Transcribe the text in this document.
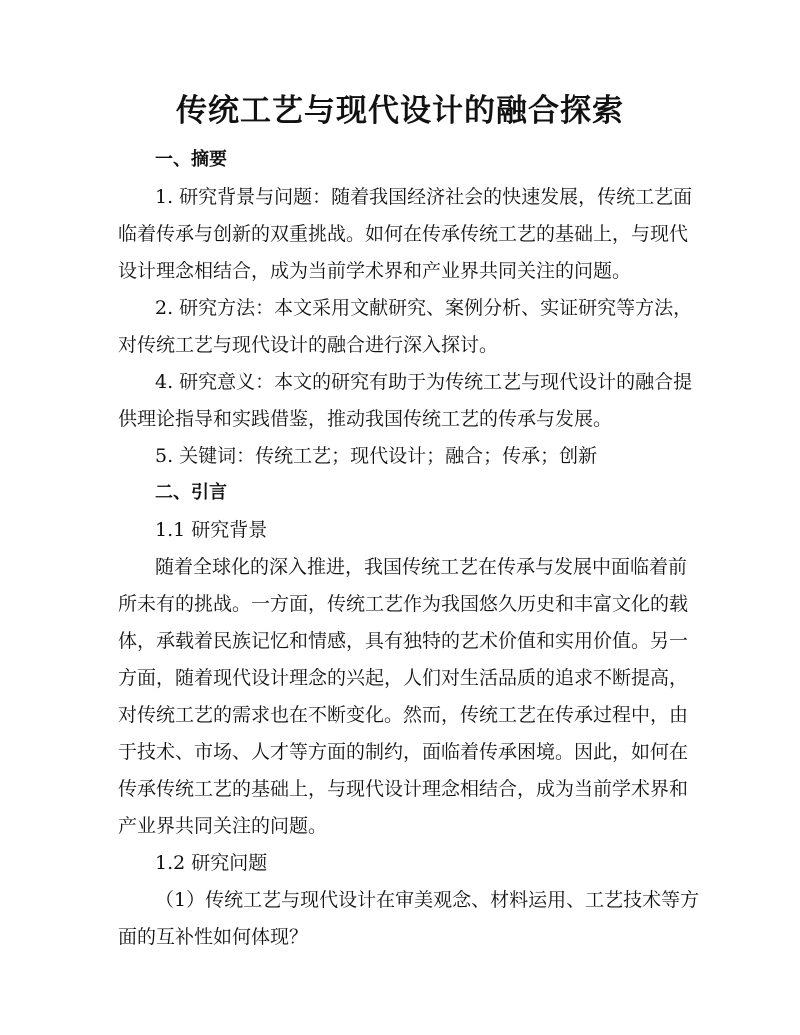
传统工艺与现代设计的融合探索

一、摘要

1. 研究背景与问题：随着我国经济社会的快速发展，传统工艺面

临着传承与创新的双重挑战。如何在传承传统工艺的基础上，与现代

设计理念相结合，成为当前学术界和产业界共同关注的问题。

2. 研究方法：本文采用文献研究、案例分析、实证研究等方法，

对传统工艺与现代设计的融合进行深入探讨。

4. 研究意义：本文的研究有助于为传统工艺与现代设计的融合提

供理论指导和实践借鉴，推动我国传统工艺的传承与发展。

5. 关键词：传统工艺；现代设计；融合；传承；创新

二、引言

1.1 研究背景

随着全球化的深入推进，我国传统工艺在传承与发展中面临着前

所未有的挑战。一方面，传统工艺作为我国悠久历史和丰富文化的载

体，承载着民族记忆和情感，具有独特的艺术价值和实用价值。另一

方面，随着现代设计理念的兴起，人们对生活品质的追求不断提高，

对传统工艺的需求也在不断变化。然而，传统工艺在传承过程中，由

于技术、市场、人才等方面的制约，面临着传承困境。因此，如何在

传承传统工艺的基础上，与现代设计理念相结合，成为当前学术界和

产业界共同关注的问题。

1.2 研究问题

（1）传统工艺与现代设计在审美观念、材料运用、工艺技术等方

面的互补性如何体现？
